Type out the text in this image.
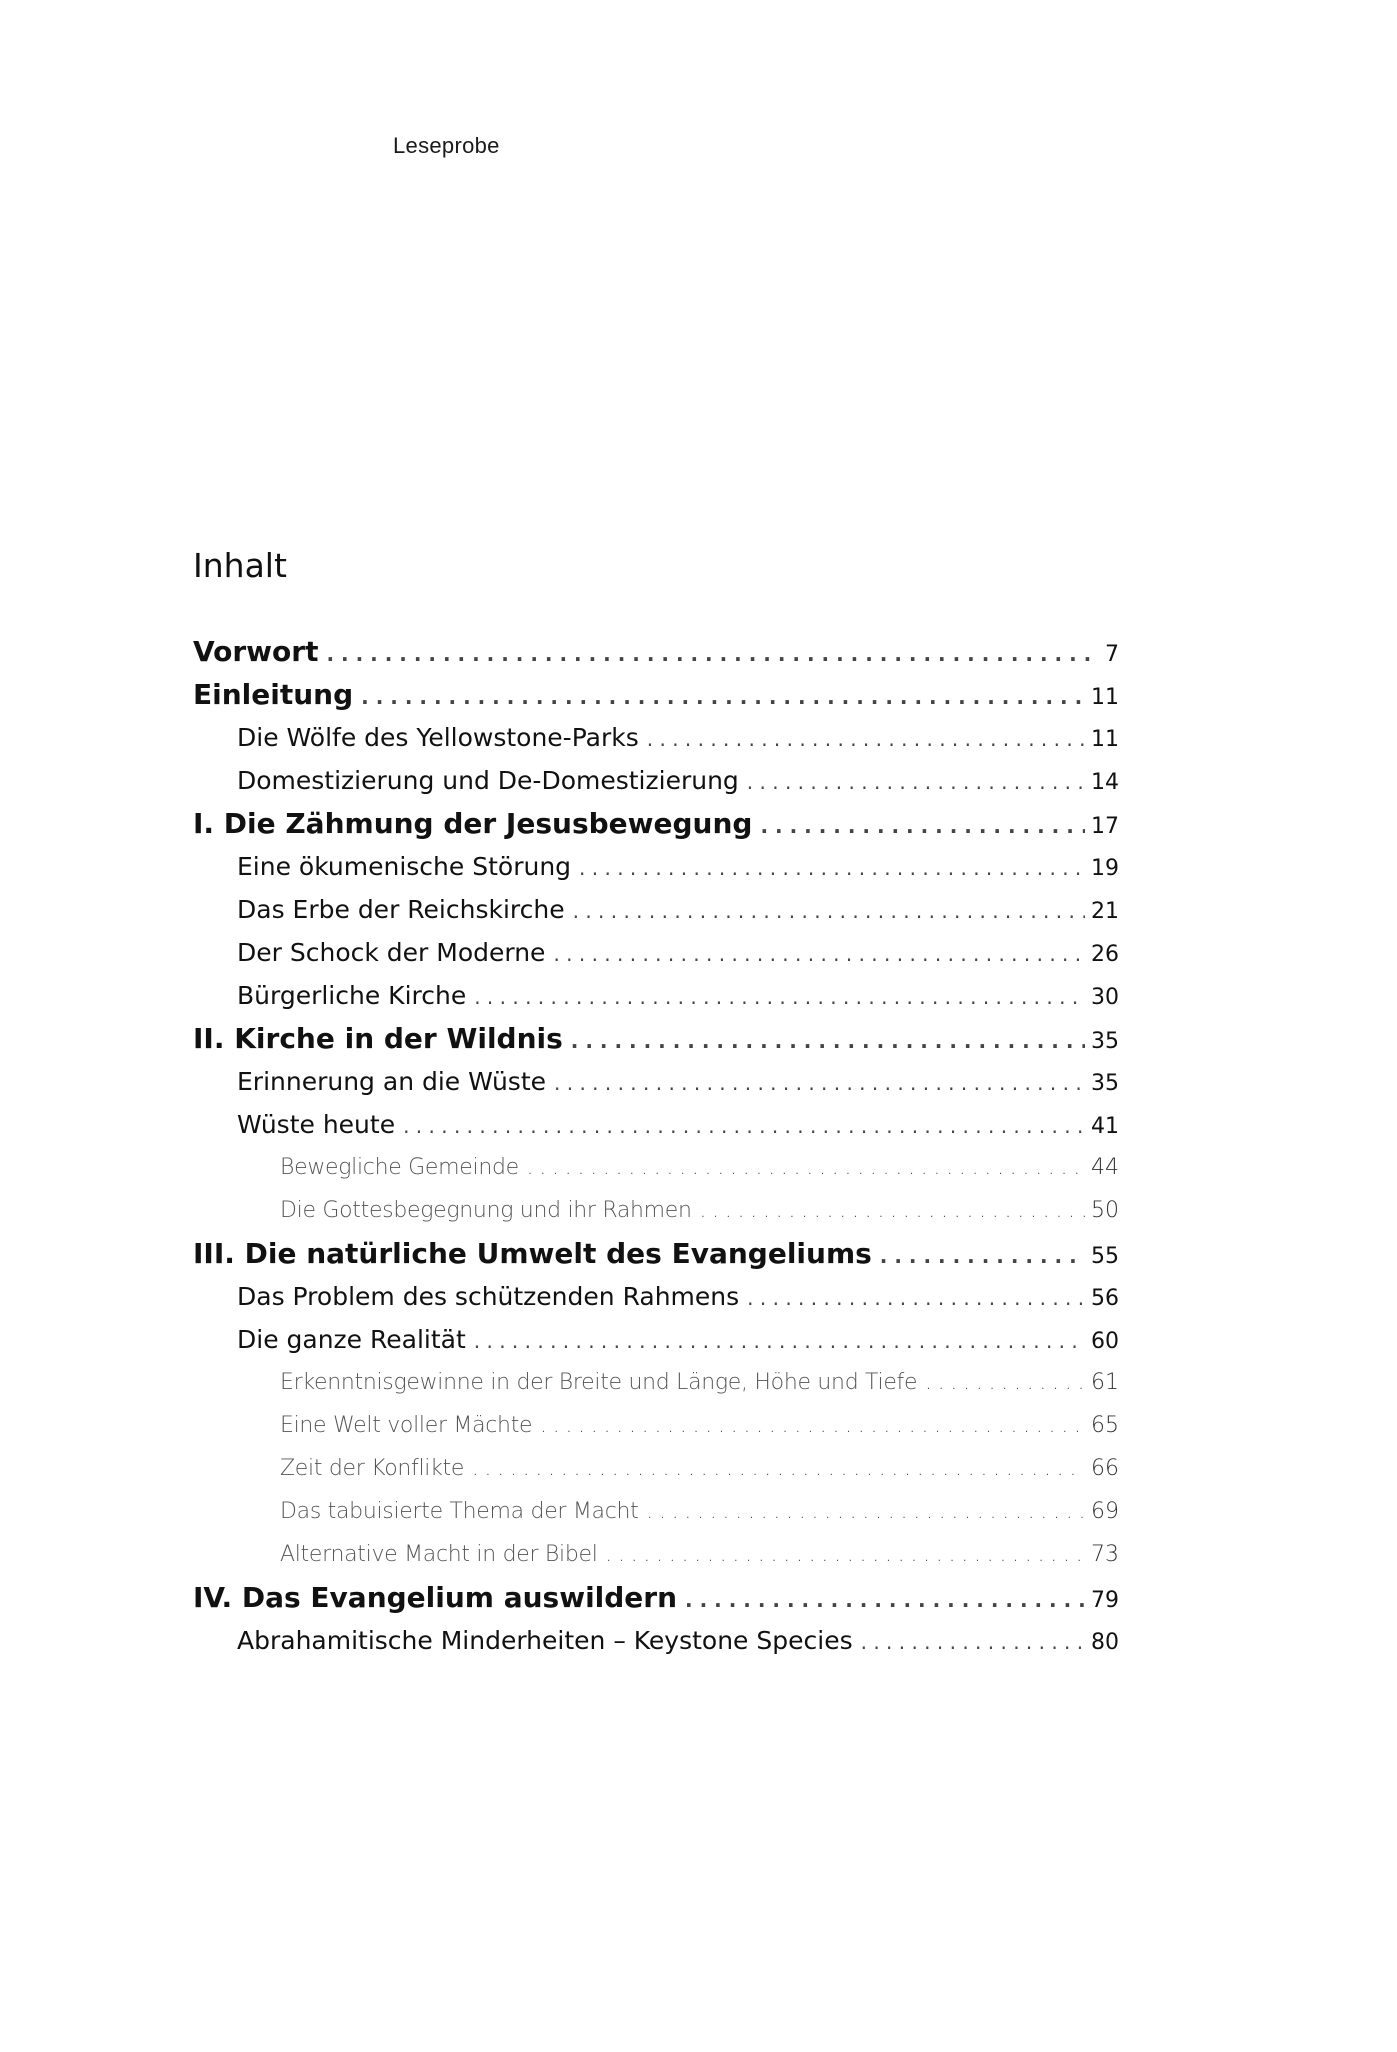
Leseprobe
Inhalt
Vorwort . . .	7
Einleitung . . .	11
Die Wölfe des Yellowstone-Parks . . .	11
Domestizierung und De-Domestizierung . . .	14
I. Die Zähmung der Jesusbewegung . . .	17
Eine ökumenische Störung . . .	19
Das Erbe der Reichskirche . . .	21
Der Schock der Moderne . . .	26
Bürgerliche Kirche . . .	30
II. Kirche in der Wildnis . . .	35
Erinnerung an die Wüste . . .	35
Wüste heute . . .	41
Bewegliche Gemeinde . . .	44
Die Gottesbegegnung und ihr Rahmen . . .	50
III. Die natürliche Umwelt des Evangeliums . . .	55
Das Problem des schützenden Rahmens . . .	56
Die ganze Realität . . .	60
Erkenntnisgewinne in der Breite und Länge, Höhe und Tiefe . . .	61
Eine Welt voller Mächte . . .	65
Zeit der Konflikte . . .	66
Das tabuisierte Thema der Macht . . .	69
Alternative Macht in der Bibel . . .	73
IV. Das Evangelium auswildern . . .	79
Abrahamitische Minderheiten – Keystone Species . . .	80
